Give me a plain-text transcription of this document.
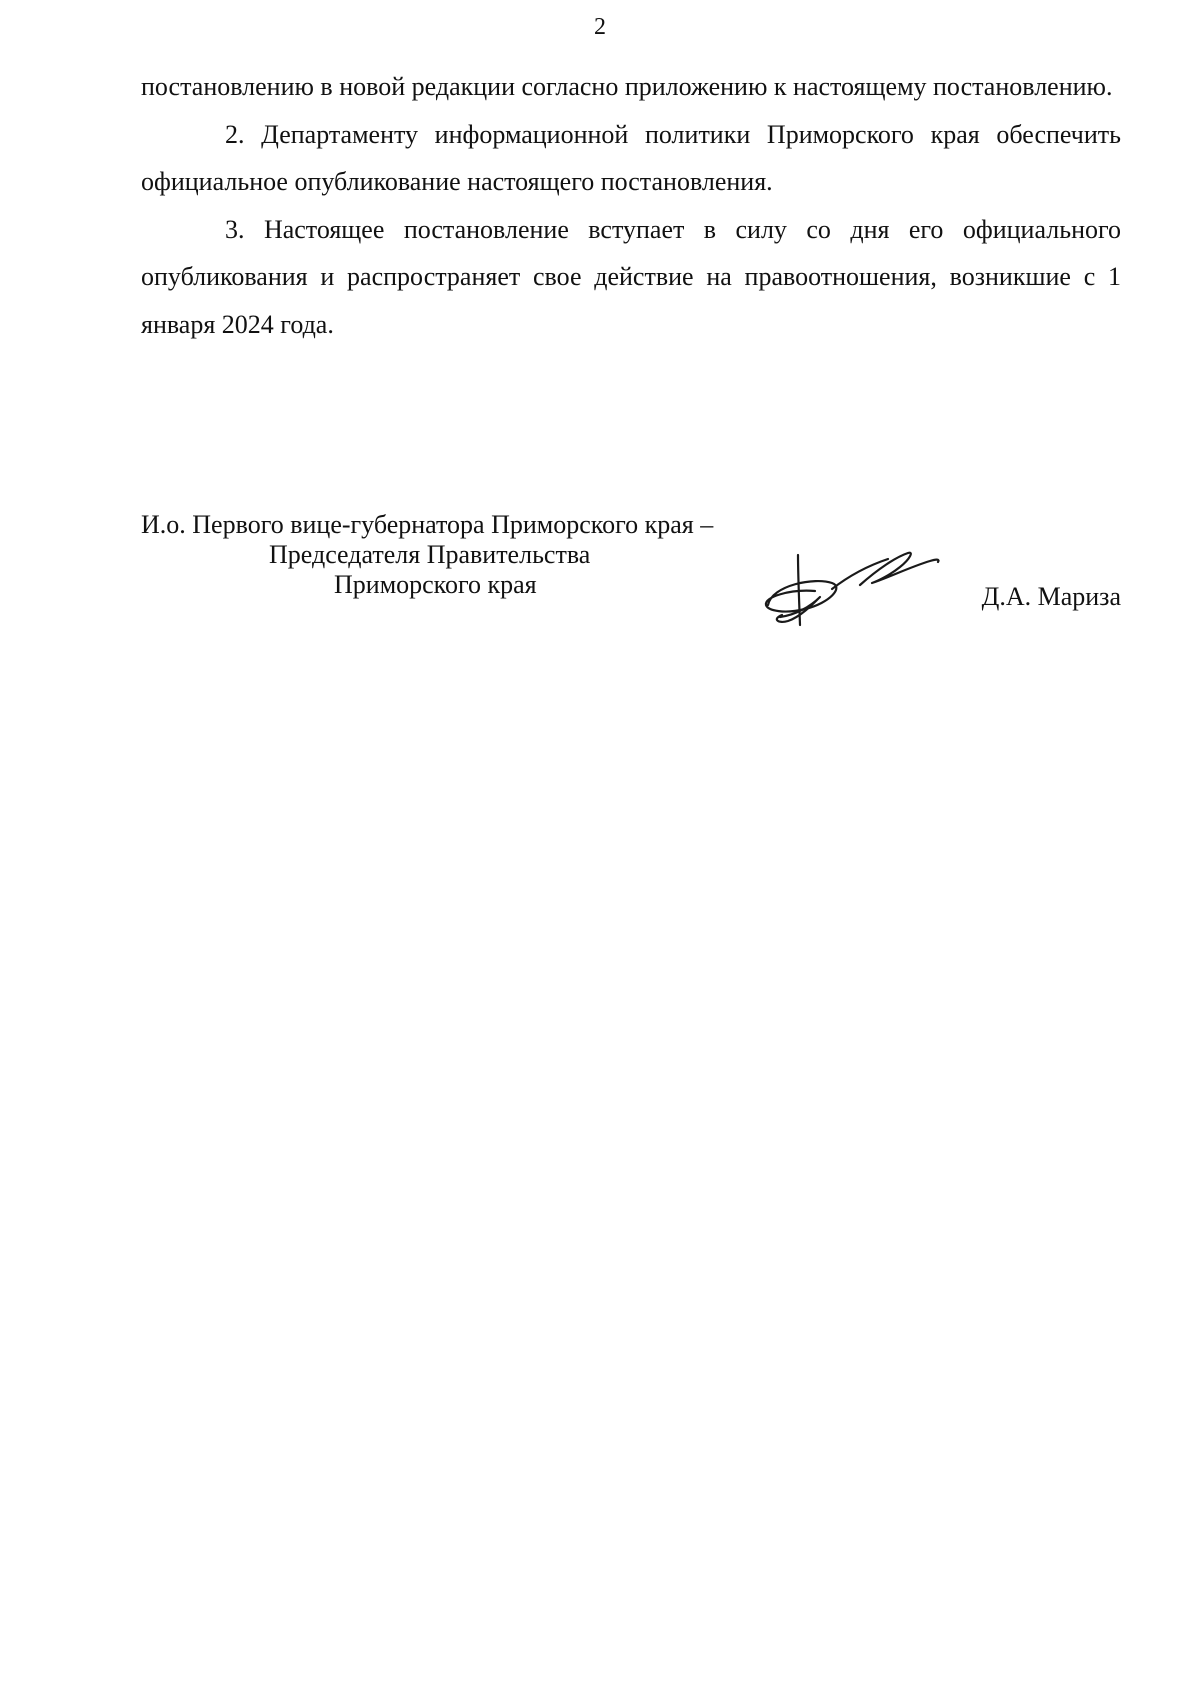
2

постановлению в новой редакции согласно приложению к настоящему постановлению.

2. Департаменту информационной политики Приморского края обеспечить официальное опубликование настоящего постановления.

3. Настоящее постановление вступает в силу со дня его официального опубликования и распространяет свое действие на правоотношения, возникшие с 1 января 2024 года.

И.о. Первого вице-губернатора Приморского края –
Председателя Правительства
Приморского края	Д.А. Мариза
